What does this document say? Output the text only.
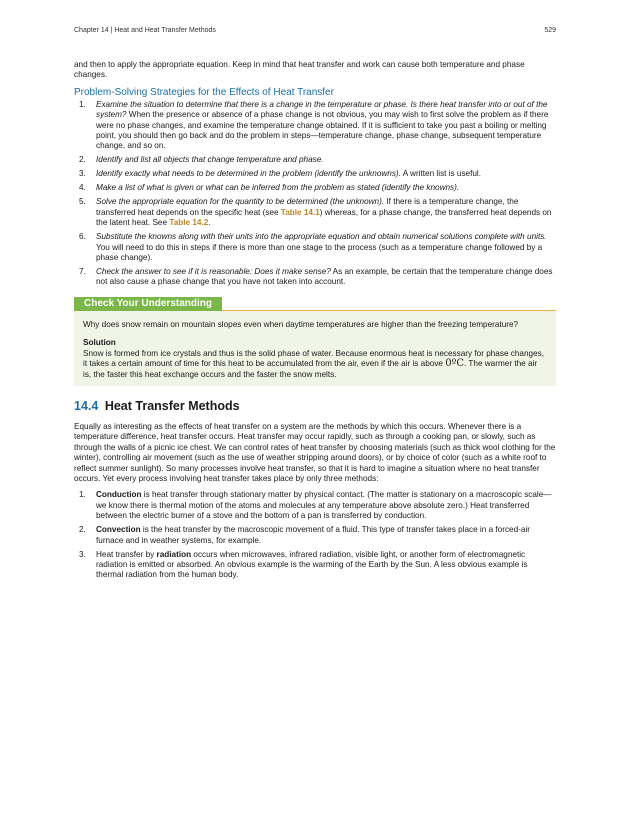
Chapter 14 | Heat and Heat Transfer Methods	529

and then to apply the appropriate equation. Keep in mind that heat transfer and work can cause both temperature and phase changes.

Problem-Solving Strategies for the Effects of Heat Transfer
1. Examine the situation to determine that there is a change in the temperature or phase. Is there heat transfer into or out of the system? When the presence or absence of a phase change is not obvious, you may wish to first solve the problem as if there were no phase changes, and examine the temperature change obtained. If it is sufficient to take you past a boiling or melting point, you should then go back and do the problem in steps—temperature change, phase change, subsequent temperature change, and so on.
2. Identify and list all objects that change temperature and phase.
3. Identify exactly what needs to be determined in the problem (identify the unknowns). A written list is useful.
4. Make a list of what is given or what can be inferred from the problem as stated (identify the knowns).
5. Solve the appropriate equation for the quantity to be determined (the unknown). If there is a temperature change, the transferred heat depends on the specific heat (see Table 14.1) whereas, for a phase change, the transferred heat depends on the latent heat. See Table 14.2.
6. Substitute the knowns along with their units into the appropriate equation and obtain numerical solutions complete with units. You will need to do this in steps if there is more than one stage to the process (such as a temperature change followed by a phase change).
7. Check the answer to see if it is reasonable: Does it make sense? As an example, be certain that the temperature change does not also cause a phase change that you have not taken into account.
Check Your Understanding

Why does snow remain on mountain slopes even when daytime temperatures are higher than the freezing temperature?

Solution

Snow is formed from ice crystals and thus is the solid phase of water. Because enormous heat is necessary for phase changes, it takes a certain amount of time for this heat to be accumulated from the air, even if the air is above 0ºC. The warmer the air is, the faster this heat exchange occurs and the faster the snow melts.

14.4 Heat Transfer Methods

Equally as interesting as the effects of heat transfer on a system are the methods by which this occurs. Whenever there is a temperature difference, heat transfer occurs. Heat transfer may occur rapidly, such as through a cooking pan, or slowly, such as through the walls of a picnic ice chest. We can control rates of heat transfer by choosing materials (such as thick wool clothing for the winter), controlling air movement (such as the use of weather stripping around doors), or by choice of color (such as a white roof to reflect summer sunlight). So many processes involve heat transfer, so that it is hard to imagine a situation where no heat transfer occurs. Yet every process involving heat transfer takes place by only three methods:

1. Conduction is heat transfer through stationary matter by physical contact. (The matter is stationary on a macroscopic scale—we know there is thermal motion of the atoms and molecules at any temperature above absolute zero.) Heat transferred between the electric burner of a stove and the bottom of a pan is transferred by conduction.
2. Convection is the heat transfer by the macroscopic movement of a fluid. This type of transfer takes place in a forced-air furnace and in weather systems, for example.
3. Heat transfer by radiation occurs when microwaves, infrared radiation, visible light, or another form of electromagnetic radiation is emitted or absorbed. An obvious example is the warming of the Earth by the Sun. A less obvious example is thermal radiation from the human body.
